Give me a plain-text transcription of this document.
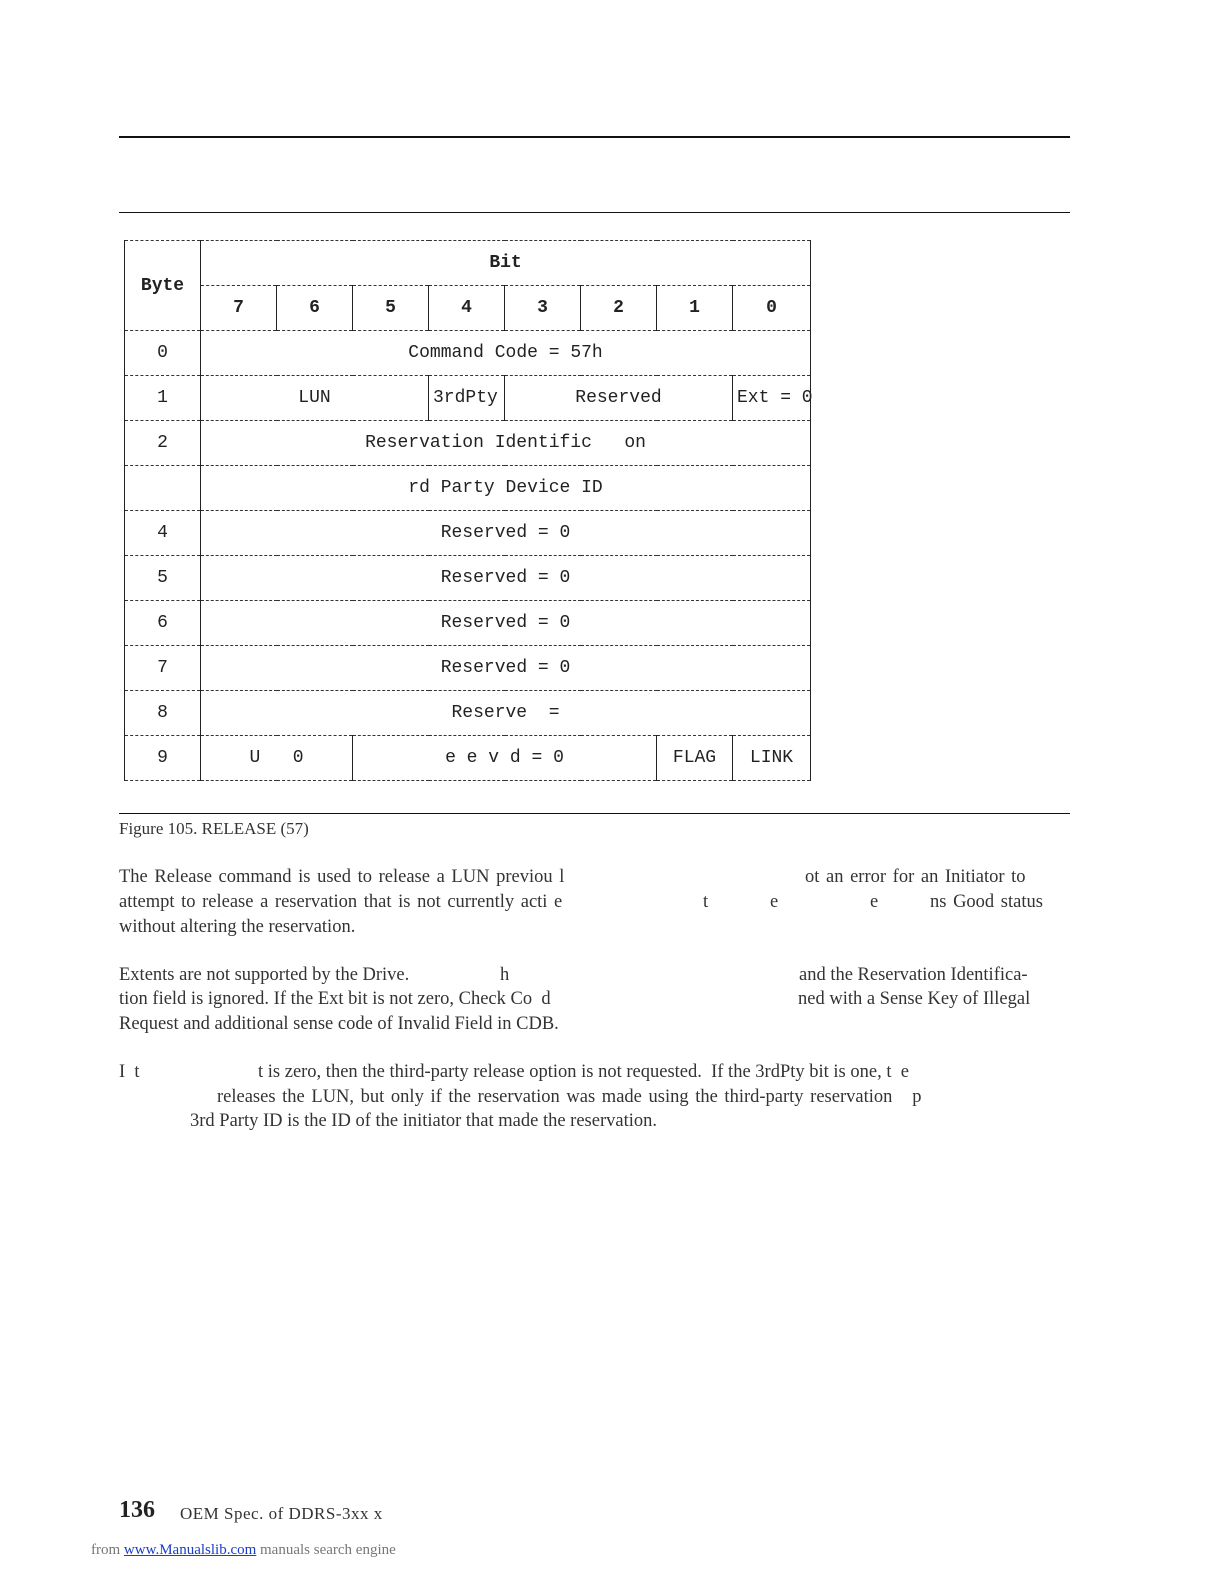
Byte	Bit							
	7	6	5	4	3	2	1	0
0	Command Code = 57h							
1	LUN			3rdPty	Reserved			Ext = 0
2	Reservation Identific   on							
	rd Party Device ID							
4	Reserved = 0							
5	Reserved = 0							
6	Reserved = 0							
7	Reserved = 0							
8	Reserve  =							
9	U   0		e e v d = 0				FLAG	LINK
Figure 105. RELEASE (57)
The Release command is used to release a LUN previou l	ot an error for an Initiator to
attempt to release a reservation that is not currently acti e	t	e	e	ns Good status
without altering the reservation.
Extents are not supported by the Drive.	h	and the Reservation Identifica-
tion field is ignored. If the Ext bit is not zero, Check Co  d	ned with a Sense Key of Illegal
Request and additional sense code of Invalid Field in CDB.
I  t	t is zero, then the third-party release option is not requested.  If the 3rdPty bit is one, t  e
releases the LUN, but only if the reservation was made using the third-party reservation   p
3rd Party ID is the ID of the initiator that made the reservation.
136 OEM Spec. of DDRS-3xx x
from www.Manualslib.com manuals search engine
